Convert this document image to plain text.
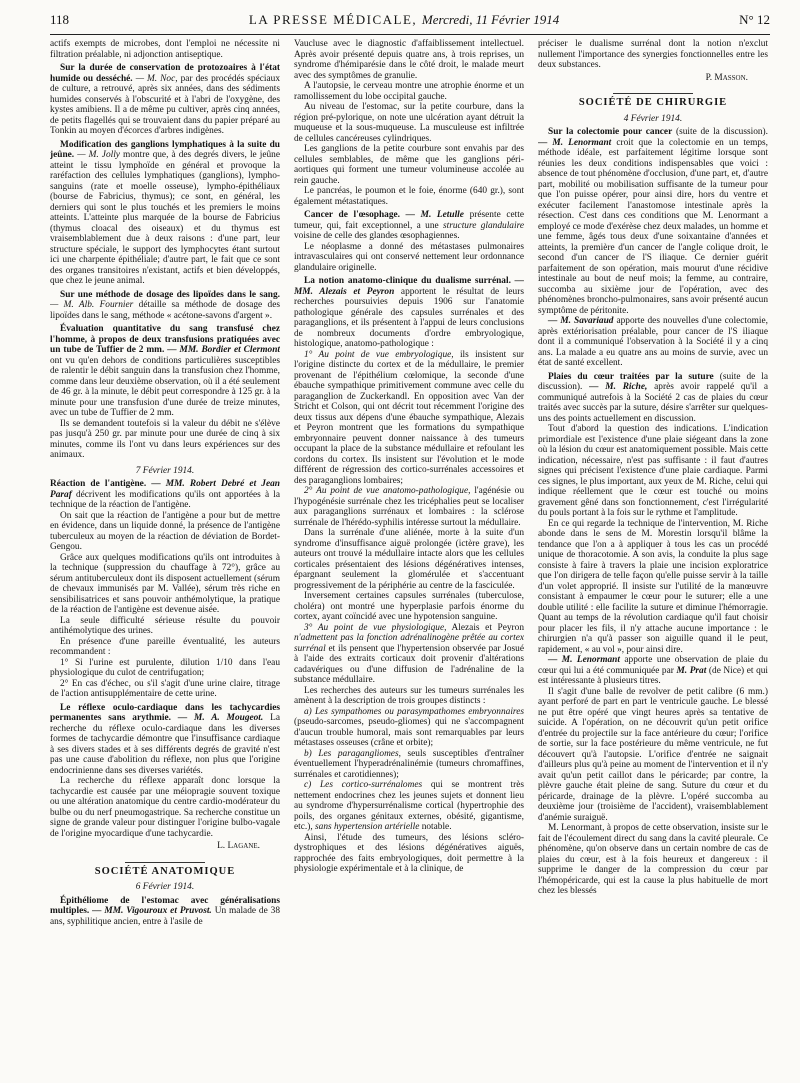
118	LA PRESSE MÉDICALE, Mercredi, 11 Février 1914	N° 12

actifs exempts de microbes, dont l'emploi ne nécessite ni filtration préalable, ni adjonction antiseptique.

Sur la durée de conservation de protozoaires à l'état humide ou desséché. — M. Noc, par des procédés spéciaux de culture, a retrouvé, après six années, dans des sédiments humides conservés à l'obscurité et à l'abri de l'oxygène, des kystes amibiens. Il a de même pu cultiver, après cinq années, de petits flagellés qui se trouvaient dans du papier préparé au Tonkin au moyen d'écorces d'arbres indigènes.

Modification des ganglions lymphatiques à la suite du jeûne. — M. Jolly montre que, à des degrés divers, le jeûne atteint le tissu lymphoïde en général et provoque la raréfaction des cellules lymphatiques (ganglions), lympho-sanguins (rate et moelle osseuse), lympho-épithéliaux (bourse de Fabricius, thymus); ce sont, en général, les derniers qui sont le plus touchés et les premiers le moins atteints. L'atteinte plus marquée de la bourse de Fabricius (thymus cloacal des oiseaux) et du thymus est vraisemblablement due à deux raisons : d'une part, leur structure spéciale, le support des lymphocytes étant surtout ici une charpente épithéliale; d'autre part, le fait que ce sont des organes transitoires n'existant, actifs et bien développés, que chez le jeune animal.

Sur une méthode de dosage des lipoïdes dans le sang. — M. Alb. Fournier détaille sa méthode de dosage des lipoïdes dans le sang, méthode « acétone-savons d'argent ».

Évaluation quantitative du sang transfusé chez l'homme, à propos de deux transfusions pratiquées avec un tube de Tuffier de 2 mm. — MM. Bordier et Clermont ont vu qu'en dehors de conditions particulières susceptibles de ralentir le débit sanguin dans la transfusion chez l'homme, comme dans leur deuxième observation, où il a été seulement de 46 gr. à la minute, le débit peut correspondre à 125 gr. à la minute pour une transfusion d'une durée de treize minutes, avec un tube de Tuffier de 2 mm.

Ils se demandent toutefois si la valeur du débit ne s'élève pas jusqu'à 250 gr. par minute pour une durée de cinq à six minutes, comme ils l'ont vu dans leurs expériences sur des animaux.

7 Février 1914.

Réaction de l'antigène. — MM. Robert Debré et Jean Paraf décrivent les modifications qu'ils ont apportées à la technique de la réaction de l'antigène.

On sait que la réaction de l'antigène a pour but de mettre en évidence, dans un liquide donné, la présence de l'antigène tuberculeux au moyen de la réaction de déviation de Bordet-Gengou.

Grâce aux quelques modifications qu'ils ont introduites à la technique (suppression du chauffage à 72°), grâce au sérum antituberculeux dont ils disposent actuellement (sérum de chevaux immunisés par M. Vallée), sérum très riche en sensibilisatrices et sans pouvoir anthémolytique, la pratique de la réaction de l'antigène est devenue aisée.

La seule difficulté sérieuse résulte du pouvoir antihémolytique des urines.

En présence d'une pareille éventualité, les auteurs recommandent :

1° Si l'urine est purulente, dilution 1/10 dans l'eau physiologique du culot de centrifugation;

2° En cas d'échec, ou s'il s'agit d'une urine claire, titrage de l'action antisupplémentaire de cette urine.

Le réflexe oculo-cardiaque dans les tachycardies permanentes sans arythmie. — M. A. Mougeot. La recherche du réflexe oculo-cardiaque dans les diverses formes de tachycardie démontre que l'insuffisance cardiaque à ses divers stades et à ses différents degrés de gravité n'est pas une cause d'abolition du réflexe, non plus que l'origine endocrinienne dans ses diverses variétés.

La recherche du réflexe apparaît donc lorsque la tachycardie est causée par une méiopragie souvent toxique ou une altération anatomique du centre cardio-modérateur du bulbe ou du nerf pneumogastrique. Sa recherche constitue un signe de grande valeur pour distinguer l'origine bulbo-vagale de l'origine myocardique d'une tachycardie.

L. Lagane.

SOCIÉTÉ ANATOMIQUE

6 Février 1914.

Épithéliome de l'estomac avec généralisations multiples. — MM. Vigouroux et Pruvost. Un malade de 38 ans, syphilitique ancien, entre à l'asile de

Vaucluse avec le diagnostic d'affaiblissement intellectuel. Après avoir présenté depuis quatre ans, à trois reprises, un syndrome d'hémiparésie dans le côté droit, le malade meurt avec des symptômes de granulie.

A l'autopsie, le cerveau montre une atrophie énorme et un ramollissement du lobe occipital gauche.

Au niveau de l'estomac, sur la petite courbure, dans la région pré-pylorique, on note une ulcération ayant détruit la muqueuse et la sous-muqueuse. La musculeuse est infiltrée de cellules cancéreuses cylindriques.

Les ganglions de la petite courbure sont envahis par des cellules semblables, de même que les ganglions péri-aortiques qui forment une tumeur volumineuse accolée au rein gauche.

Le pancréas, le poumon et le foie, énorme (640 gr.), sont également métastatiques.

Cancer de l'œsophage. — M. Letulle présente cette tumeur, qui, fait exceptionnel, a une structure glandulaire voisine de celle des glandes œsophagiennes.

Le néoplasme a donné des métastases pulmonaires intravasculaires qui ont conservé nettement leur ordonnance glandulaire originelle.

La notion anatomo-clinique du dualisme surrénal. — MM. Alezais et Peyron apportent le résultat de leurs recherches poursuivies depuis 1906 sur l'anatomie pathologique générale des capsules surrénales et des paraganglions, et ils présentent à l'appui de leurs conclusions de nombreux documents d'ordre embryologique, histologique, anatomo-pathologique :

1° Au point de vue embryologique, ils insistent sur l'origine distincte du cortex et de la médullaire, le premier provenant de l'épithélium cœlomique, la seconde d'une ébauche sympathique primitivement commune avec celle du paraganglion de Zuckerkandl. En opposition avec Van der Stricht et Colson, qui ont décrit tout récemment l'origine des deux tissus aux dépens d'une ébauche sympathique, Alezais et Peyron montrent que les formations du sympathique embryonnaire peuvent donner naissance à des tumeurs occupant la place de la substance médullaire et refoulant les cordons du cortex. Ils insistent sur l'évolution et le mode différent de régression des cortico-surrénales accessoires et des paraganglions lombaires;

2° Au point de vue anatomo-pathologique, l'agénésie ou l'hypogénésie surrénale chez les tricéphalies peut se localiser aux paraganglions surrénaux et lombaires : la sclérose surrénale de l'hérédo-syphilis intéresse surtout la médullaire.

Dans la surrénale d'une aliénée, morte à la suite d'un syndrome d'insuffisance aiguë prolongée (ictère grave), les auteurs ont trouvé la médullaire intacte alors que les cellules corticales présentaient des lésions dégénératives intenses, épargnant seulement la glomérulée et s'accentuant progressivement de la périphérie au centre de la fasciculée.

Inversement certaines capsules surrénales (tuberculose, choléra) ont montré une hyperplasie parfois énorme du cortex, ayant coïncidé avec une hypotension sanguine.

3° Au point de vue physiologique, Alezais et Peyron n'admettent pas la fonction adrénalinogène prêtée au cortex surrénal et ils pensent que l'hypertension observée par Josué à l'aide des extraits corticaux doit provenir d'altérations cadavériques ou d'une diffusion de l'adrénaline de la substance médullaire.

Les recherches des auteurs sur les tumeurs surrénales les amènent à la description de trois groupes distincts :

a) Les sympathomes ou parasympathomes embryonnaires (pseudo-sarcomes, pseudo-gliomes) qui ne s'accompagnent d'aucun trouble humoral, mais sont remarquables par leurs métastases osseuses (crâne et orbite);

b) Les paragangliomes, seuls susceptibles d'entraîner éventuellement l'hyperadrénalinémie (tumeurs chromaffines, surrénales et carotidiennes);

c) Les cortico-surrénalomes qui se montrent très nettement endocrines chez les jeunes sujets et donnent lieu au syndrome d'hypersurrénalisme cortical (hypertrophie des poils, des organes génitaux externes, obésité, gigantisme, etc.), sans hypertension artérielle notable.

Ainsi, l'étude des tumeurs, des lésions scléro-dystrophiques et des lésions dégénératives aiguës, rapprochée des faits embryologiques, doit permettre à la physiologie expérimentale et à la clinique, de

préciser le dualisme surrénal dont la notion n'exclut nullement l'importance des synergies fonctionnelles entre les deux substances.

P. Masson.

SOCIÉTÉ DE CHIRURGIE

4 Février 1914.

Sur la colectomie pour cancer (suite de la discussion). — M. Lenormant croit que la colectomie en un temps, méthode idéale, est parfaitement légitime lorsque sont réunies les deux conditions indispensables que voici : absence de tout phénomène d'occlusion, d'une part, et, d'autre part, mobilité ou mobilisation suffisante de la tumeur pour que l'on puisse opérer, pour ainsi dire, hors du ventre et exécuter facilement l'anastomose intestinale après la résection. C'est dans ces conditions que M. Lenormant a employé ce mode d'exérèse chez deux malades, un homme et une femme, âgés tous deux d'une soixantaine d'années et atteints, la première d'un cancer de l'angle colique droit, le second d'un cancer de l'S iliaque. Ce dernier guérit parfaitement de son opération, mais mourut d'une récidive intestinale au bout de neuf mois; la femme, au contraire, succomba au sixième jour de l'opération, avec des phénomènes broncho-pulmonaires, sans avoir présenté aucun symptôme de péritonite.

— M. Savariaud apporte des nouvelles d'une colectomie, après extériorisation préalable, pour cancer de l'S iliaque dont il a communiqué l'observation à la Société il y a cinq ans. La malade a eu quatre ans au moins de survie, avec un état de santé excellent.

Plaies du cœur traitées par la suture (suite de la discussion). — M. Riche, après avoir rappelé qu'il a communiqué autrefois à la Société 2 cas de plaies du cœur traités avec succès par la suture, désire s'arrêter sur quelques-uns des points actuellement en discussion.

Tout d'abord la question des indications. L'indication primordiale est l'existence d'une plaie siégeant dans la zone où la lésion du cœur est anatomiquement possible. Mais cette indication, nécessaire, n'est pas suffisante : il faut d'autres signes qui précisent l'existence d'une plaie cardiaque. Parmi ces signes, le plus important, aux yeux de M. Riche, celui qui indique réellement que le cœur est touché ou moins gravement gêné dans son fonctionnement, c'est l'irrégularité du pouls portant à la fois sur le rythme et l'amplitude.

En ce qui regarde la technique de l'intervention, M. Riche abonde dans le sens de M. Morestin lorsqu'il blâme la tendance que l'on a à appliquer à tous les cas un procédé unique de thoracotomie. A son avis, la conduite la plus sage consiste à faire à travers la plaie une incision exploratrice que l'on dirigera de telle façon qu'elle puisse servir à la taille d'un volet approprié. Il insiste sur l'utilité de la manœuvre consistant à empaumer le cœur pour le suturer; elle a une double utilité : elle facilite la suture et diminue l'hémorragie. Quant au temps de la révolution cardiaque qu'il faut choisir pour placer les fils, il n'y attache aucune importance : le chirurgien n'a qu'à passer son aiguille quand il le peut, rapidement, « au vol », pour ainsi dire.

— M. Lenormant apporte une observation de plaie du cœur qui lui a été communiquée par M. Prat (de Nice) et qui est intéressante à plusieurs titres.

Il s'agit d'une balle de revolver de petit calibre (6 mm.) ayant perforé de part en part le ventricule gauche. Le blessé ne put être opéré que vingt heures après sa tentative de suicide. A l'opération, on ne découvrit qu'un petit orifice d'entrée du projectile sur la face antérieure du cœur; l'orifice de sortie, sur la face postérieure du même ventricule, ne fut découvert qu'à l'autopsie. L'orifice d'entrée ne saignait d'ailleurs plus qu'à peine au moment de l'intervention et il n'y avait qu'un petit caillot dans le péricarde; par contre, la plèvre gauche était pleine de sang. Suture du cœur et du péricarde, drainage de la plèvre. L'opéré succomba au deuxième jour (troisième de l'accident), vraisemblablement d'anémie suraiguë.

M. Lenormant, à propos de cette observation, insiste sur le fait de l'écoulement direct du sang dans la cavité pleurale. Ce phénomène, qu'on observe dans un certain nombre de cas de plaies du cœur, est à la fois heureux et dangereux : il supprime le danger de la compression du cœur par l'hémopéricarde, qui est la cause la plus habituelle de mort chez les blessés
